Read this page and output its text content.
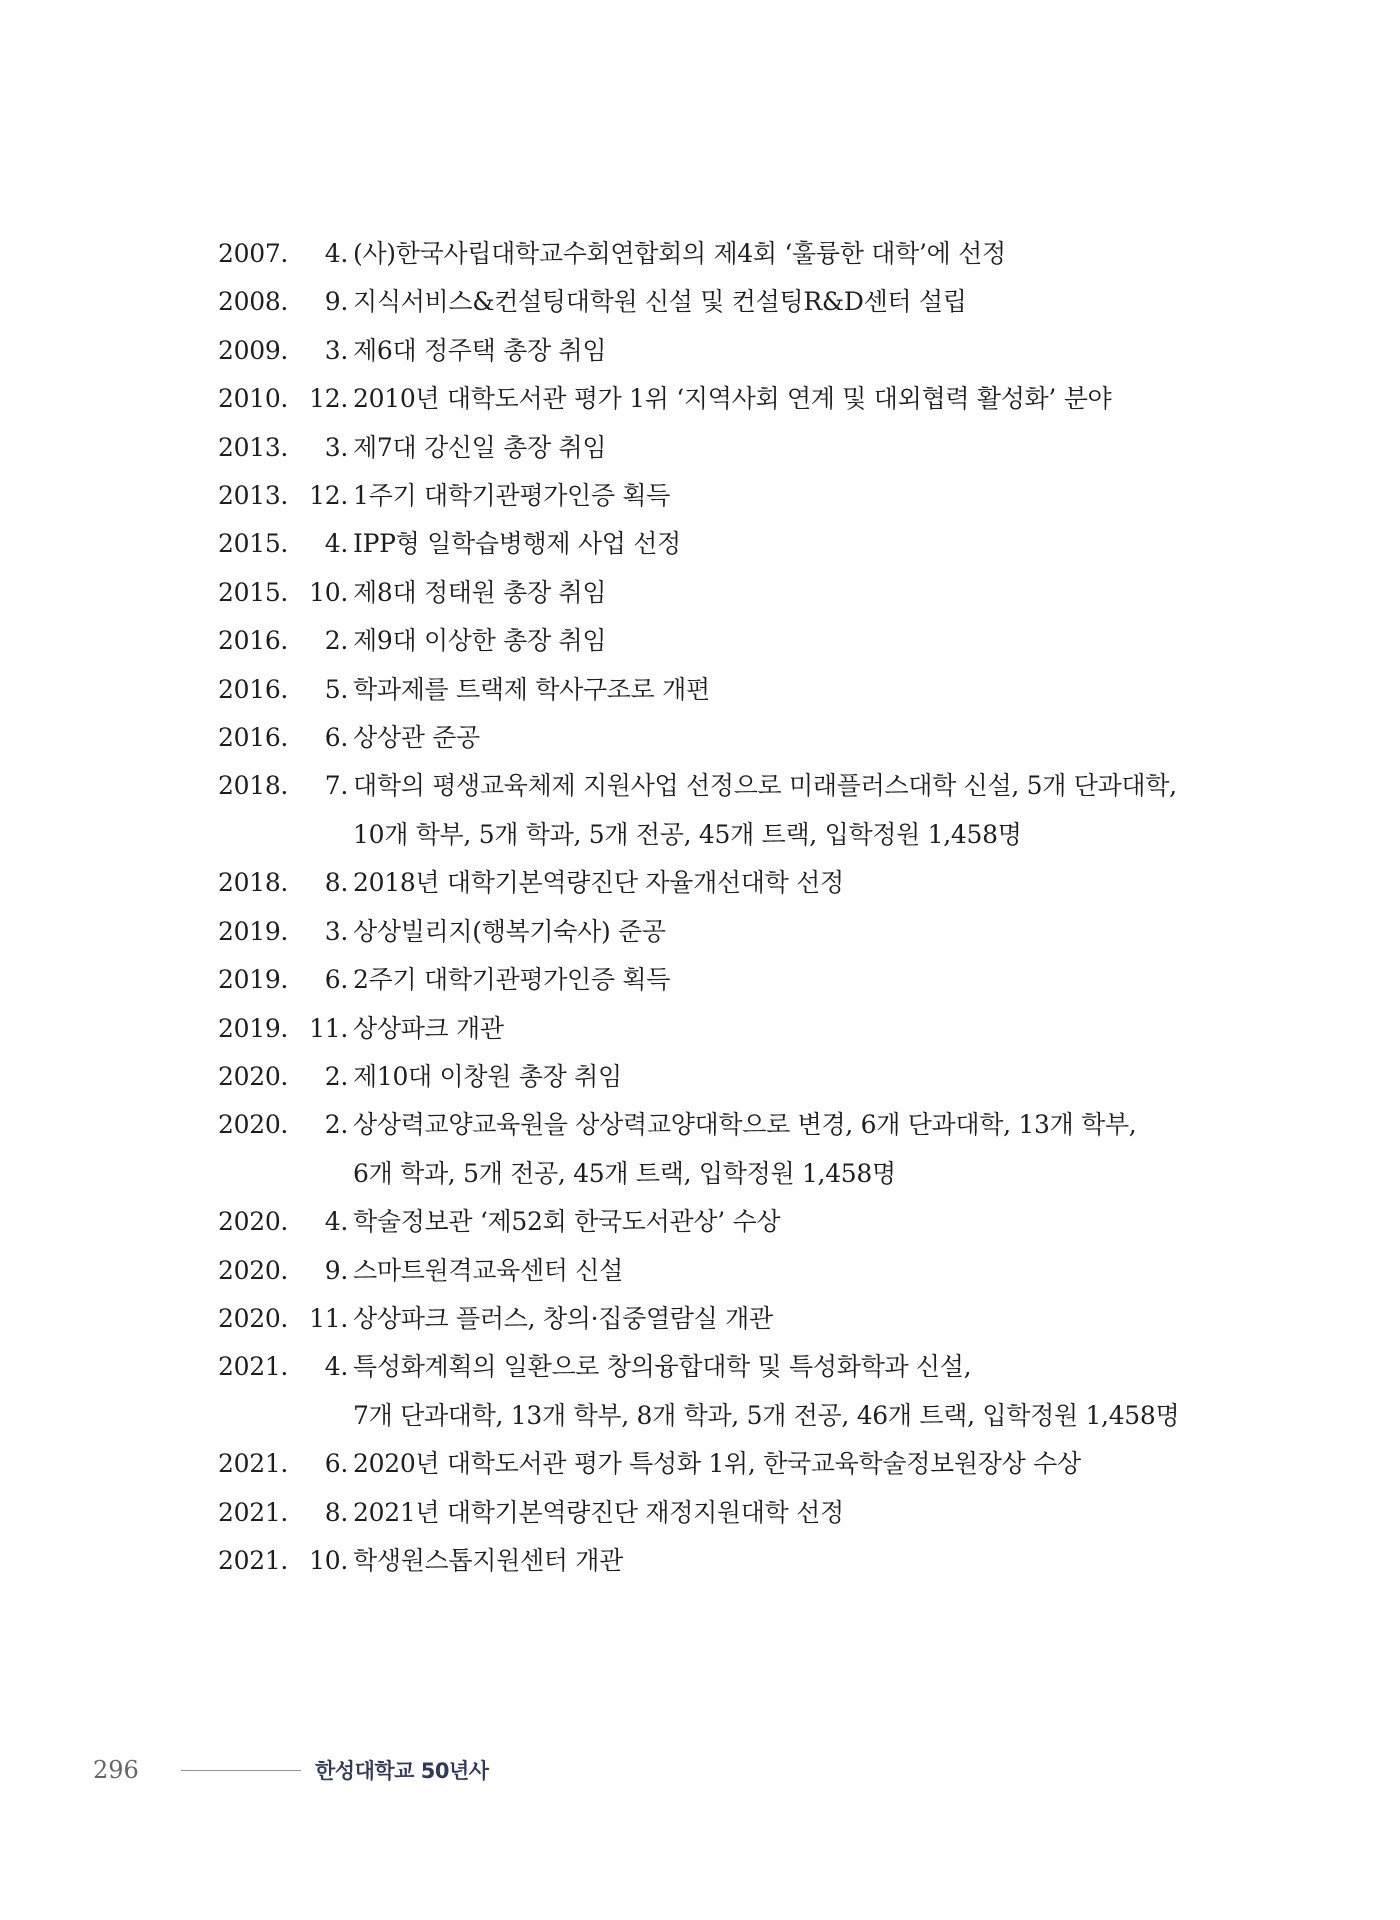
2007.	4. (사)한국사립대학교수회연합회의 제4회 ‘훌륭한 대학’에 선정
2008.	9. 지식서비스&컨설팅대학원 신설 및 컨설팅R&D센터 설립
2009.	3. 제6대 정주택 총장 취임
2010. 12. 2010년 대학도서관 평가 1위 ‘지역사회 연계 및 대외협력 활성화’ 분야
2013.	3. 제7대 강신일 총장 취임
2013. 12. 1주기 대학기관평가인증 획득
2015.	4. IPP형 일학습병행제 사업 선정
2015. 10. 제8대 정태원 총장 취임
2016.	2. 제9대 이상한 총장 취임
2016.	5. 학과제를 트랙제 학사구조로 개편
2016.	6. 상상관 준공
2018.	7. 대학의 평생교육체제 지원사업 선정으로 미래플러스대학 신설, 5개 단과대학,
10개 학부, 5개 학과, 5개 전공, 45개 트랙, 입학정원 1,458명
2018.	8. 2018년 대학기본역량진단 자율개선대학 선정
2019.	3. 상상빌리지(행복기숙사) 준공
2019.	6. 2주기 대학기관평가인증 획득
2019. 11. 상상파크 개관
2020.	2. 제10대 이창원 총장 취임
2020.	2. 상상력교양교육원을 상상력교양대학으로 변경, 6개 단과대학, 13개 학부,
6개 학과, 5개 전공, 45개 트랙, 입학정원 1,458명
2020.	4. 학술정보관 ‘제52회 한국도서관상’ 수상
2020.	9. 스마트원격교육센터 신설
2020. 11. 상상파크 플러스, 창의·집중열람실 개관
2021.	4. 특성화계획의 일환으로 창의융합대학 및 특성화학과 신설,
7개 단과대학, 13개 학부, 8개 학과, 5개 전공, 46개 트랙, 입학정원 1,458명
2021.	6. 2020년 대학도서관 평가 특성화 1위, 한국교육학술정보원장상 수상
2021.	8. 2021년 대학기본역량진단 재정지원대학 선정
2021. 10. 학생원스톱지원센터 개관
296	한성대학교 50년사
